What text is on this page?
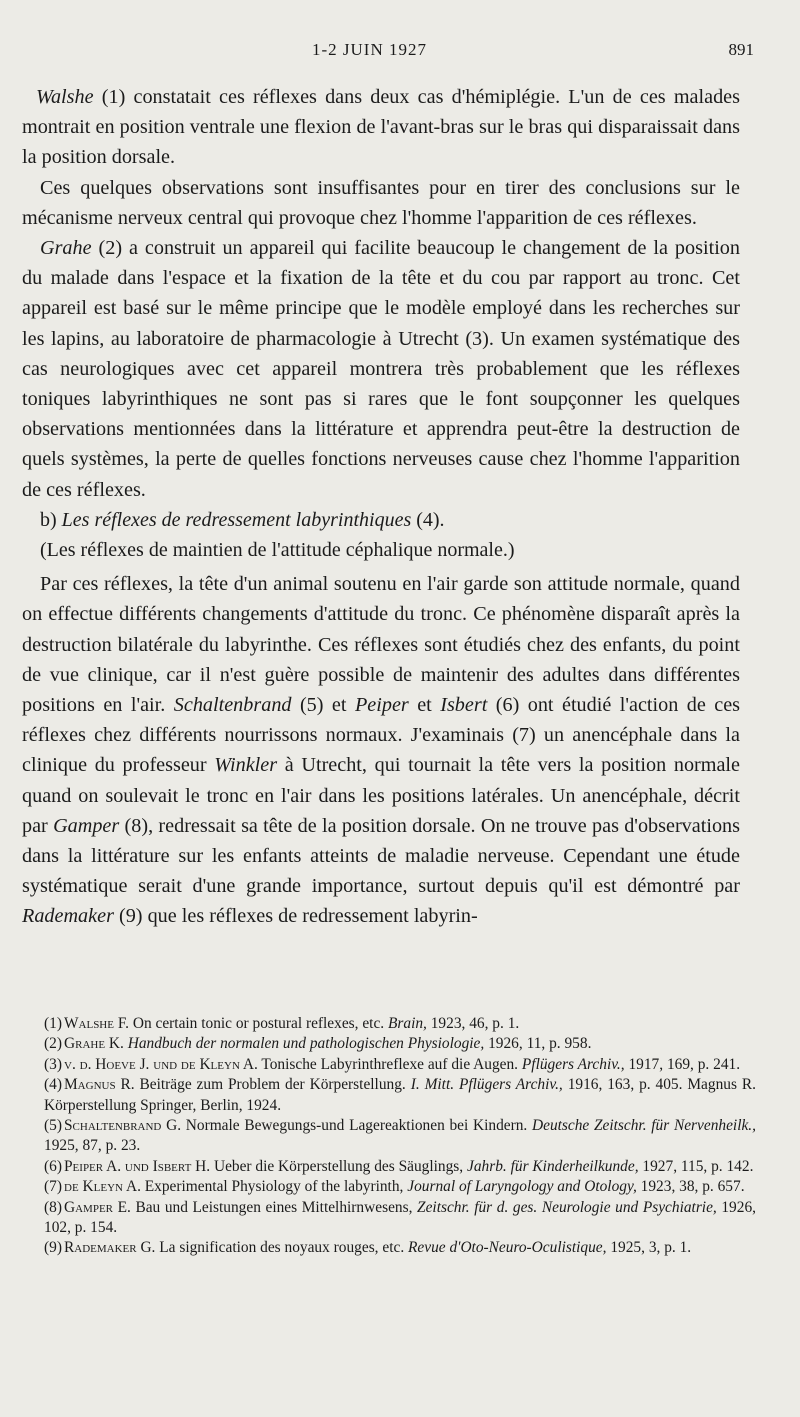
1-2 JUIN 1927	891

Walshe (1) constatait ces réflexes dans deux cas d'hémiplégie. L'un de ces malades montrait en position ventrale une flexion de l'avant-bras sur le bras qui disparaissait dans la position dorsale.

Ces quelques observations sont insuffisantes pour en tirer des conclusions sur le mécanisme nerveux central qui provoque chez l'homme l'apparition de ces réflexes.

Grahe (2) a construit un appareil qui facilite beaucoup le changement de la position du malade dans l'espace et la fixation de la tête et du cou par rapport au tronc. Cet appareil est basé sur le même principe que le modèle employé dans les recherches sur les lapins, au laboratoire de pharmacologie à Utrecht (3). Un examen systématique des cas neurologiques avec cet appareil montrera très probablement que les réflexes toniques labyrinthiques ne sont pas si rares que le font soupçonner les quelques observations mentionnées dans la littérature et apprendra peut-être la destruction de quels systèmes, la perte de quelles fonctions nerveuses cause chez l'homme l'apparition de ces réflexes.

b) Les réflexes de redressement labyrinthiques (4).

(Les réflexes de maintien de l'attitude céphalique normale.)

Par ces réflexes, la tête d'un animal soutenu en l'air garde son attitude normale, quand on effectue différents changements d'attitude du tronc. Ce phénomène disparaît après la destruction bilatérale du labyrinthe. Ces réflexes sont étudiés chez des enfants, du point de vue clinique, car il n'est guère possible de maintenir des adultes dans différentes positions en l'air. Schaltenbrand (5) et Peiper et Isbert (6) ont étudié l'action de ces réflexes chez différents nourrissons normaux. J'examinais (7) un anencéphale dans la clinique du professeur Winkler à Utrecht, qui tournait la tête vers la position normale quand on soulevait le tronc en l'air dans les positions latérales. Un anencéphale, décrit par Gamper (8), redressait sa tête de la position dorsale. On ne trouve pas d'observations dans la littérature sur les enfants atteints de maladie nerveuse. Cependant une étude systématique serait d'une grande importance, surtout depuis qu'il est démontré par Rademaker (9) que les réflexes de redressement labyrin-

(1) Walshe F. On certain tonic or postural reflexes, etc. Brain, 1923, 46, p. 1.

(2) Grahe K. Handbuch der normalen und pathologischen Physiologie, 1926, 11, p. 958.

(3) v. d. Hoeve J. und de Kleyn A. Tonische Labyrinthreflexe auf die Augen. Pflügers Archiv., 1917, 169, p. 241.

(4) Magnus R. Beiträge zum Problem der Körperstellung. I. Mitt. Pflügers Archiv., 1916, 163, p. 405. Magnus R. Körperstellung Springer, Berlin, 1924.

(5) Schaltenbrand G. Normale Bewegungs-und Lagereaktionen bei Kindern. Deutsche Zeitschr. für Nervenheilk., 1925, 87, p. 23.

(6) Peiper A. und Isbert H. Ueber die Körperstellung des Säuglings, Jahrb. für Kinderheilkunde, 1927, 115, p. 142.

(7) de Kleyn A. Experimental Physiology of the labyrinth, Journal of Laryngology and Otology, 1923, 38, p. 657.

(8) Gamper E. Bau und Leistungen eines Mittelhirnwesens, Zeitschr. für d. ges. Neurologie und Psychiatrie, 1926, 102, p. 154.

(9) Rademaker G. La signification des noyaux rouges, etc. Revue d'Oto-Neuro-Oculistique, 1925, 3, p. 1.
